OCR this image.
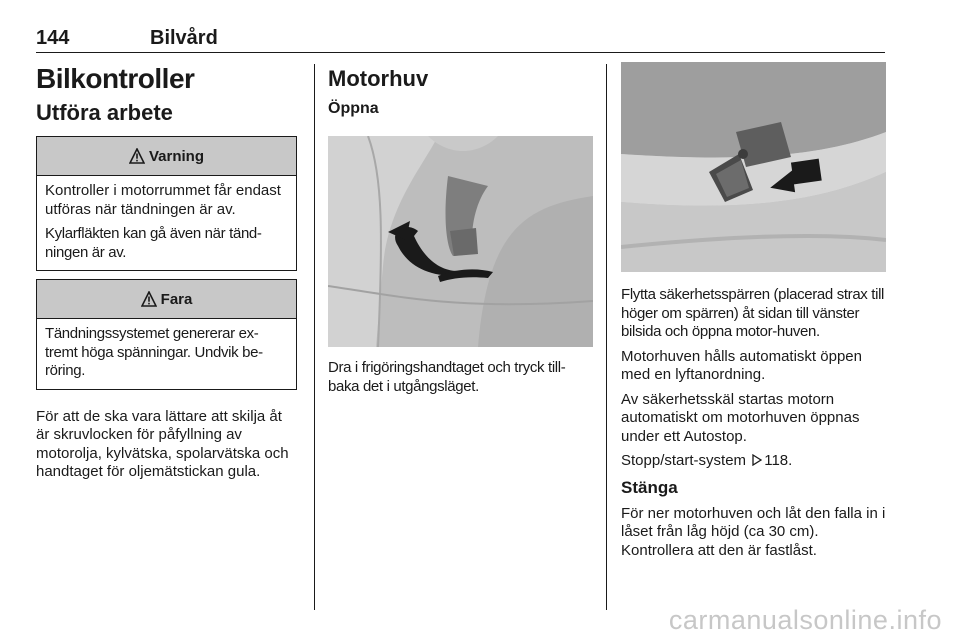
144	Bilvård
Bilkontroller
Utföra arbete
Varning

Kontroller i motorrummet får endast utföras när tändningen är av.

Kylarfläkten kan gå även när tänd-ningen är av.

Fara

Tändningssystemet genererar ex-tremt höga spänningar. Undvik be-röring.

För att de ska vara lättare att skilja åt är skruvlocken för påfyllning av motorolja, kylvätska, spolarvätska och handtaget för oljemätstickan gula.

Motorhuv
Öppna

Dra i frigöringshandtaget och tryck till-baka det i utgångsläget.

Flytta säkerhetsspärren (placerad strax till höger om spärren) åt sidan till vänster bilsida och öppna motor-huven.

Motorhuven hålls automatiskt öppen med en lyftanordning.

Av säkerhetsskäl startas motorn automatiskt om motorhuven öppnas under ett Autostop.

Stopp/start-system 118.

Stänga

För ner motorhuven och låt den falla in i låset från låg höjd (ca 30 cm). Kontrollera att den är fastlåst.

carmanualsonline.info
